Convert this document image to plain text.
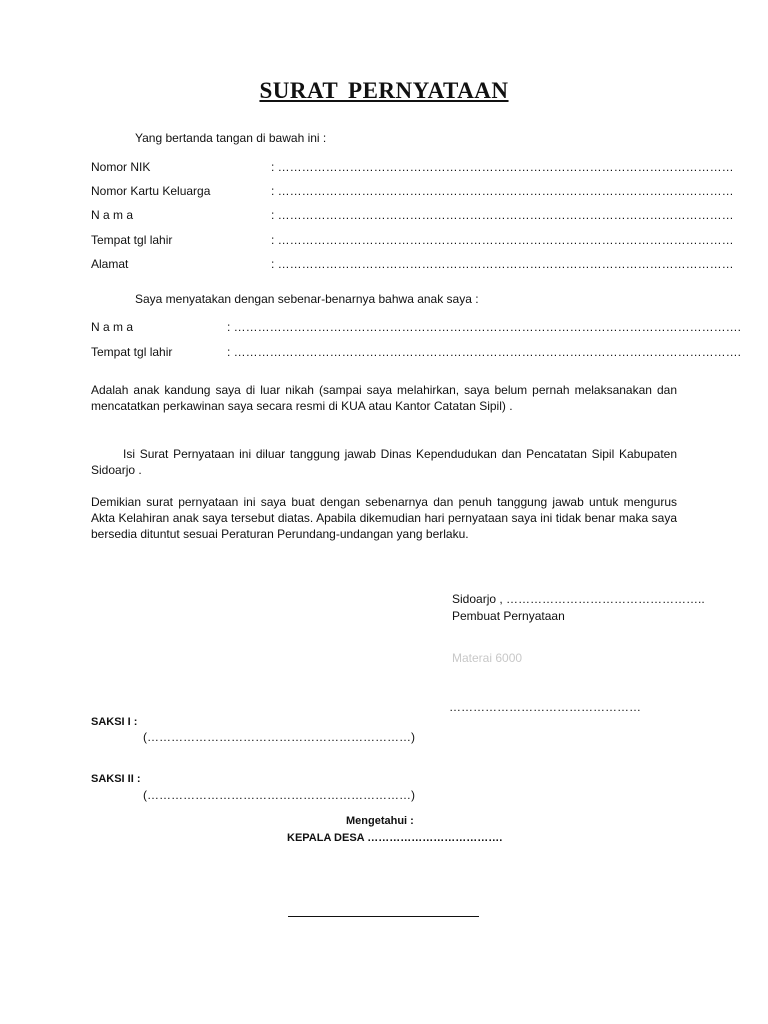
SURAT PERNYATAAN
Yang bertanda tangan di bawah ini :
Nomor NIK	: ……………………………………………………………………………………………………
Nomor Kartu Keluarga	: ……………………………………………………………………………………………………
N a m a	: ……………………………………………………………………………………………………
Tempat tgl lahir	: ……………………………………………………………………………………………………
Alamat	: ……………………………………………………………………………………………………
Saya menyatakan dengan sebenar-benarnya bahwa anak saya :
N a m a	: ……………………………………………………………………………………………………………….
Tempat tgl lahir	: ……………………………………………………………………………………………………………….
Adalah anak kandung saya di luar nikah (sampai saya melahirkan, saya belum pernah melaksanakan dan mencatatkan perkawinan saya secara resmi di KUA atau Kantor Catatan Sipil) .
Isi Surat Pernyataan ini diluar tanggung jawab Dinas Kependudukan dan Pencatatan Sipil Kabupaten Sidoarjo .
Demikian surat pernyataan ini saya buat dengan sebenarnya dan penuh tanggung jawab untuk mengurus Akta Kelahiran anak saya tersebut diatas. Apabila dikemudian hari pernyataan saya ini tidak benar maka saya bersedia dituntut sesuai Peraturan Perundang-undangan yang berlaku.
Sidoarjo , …………………………………………..
Pembuat Pernyataan
Materai 6000
…………………………………………
SAKSI I :
(…………………………………………………………)
SAKSI II :
(…………………………………………………………)
Mengetahui :
KEPALA DESA ……………………………….
